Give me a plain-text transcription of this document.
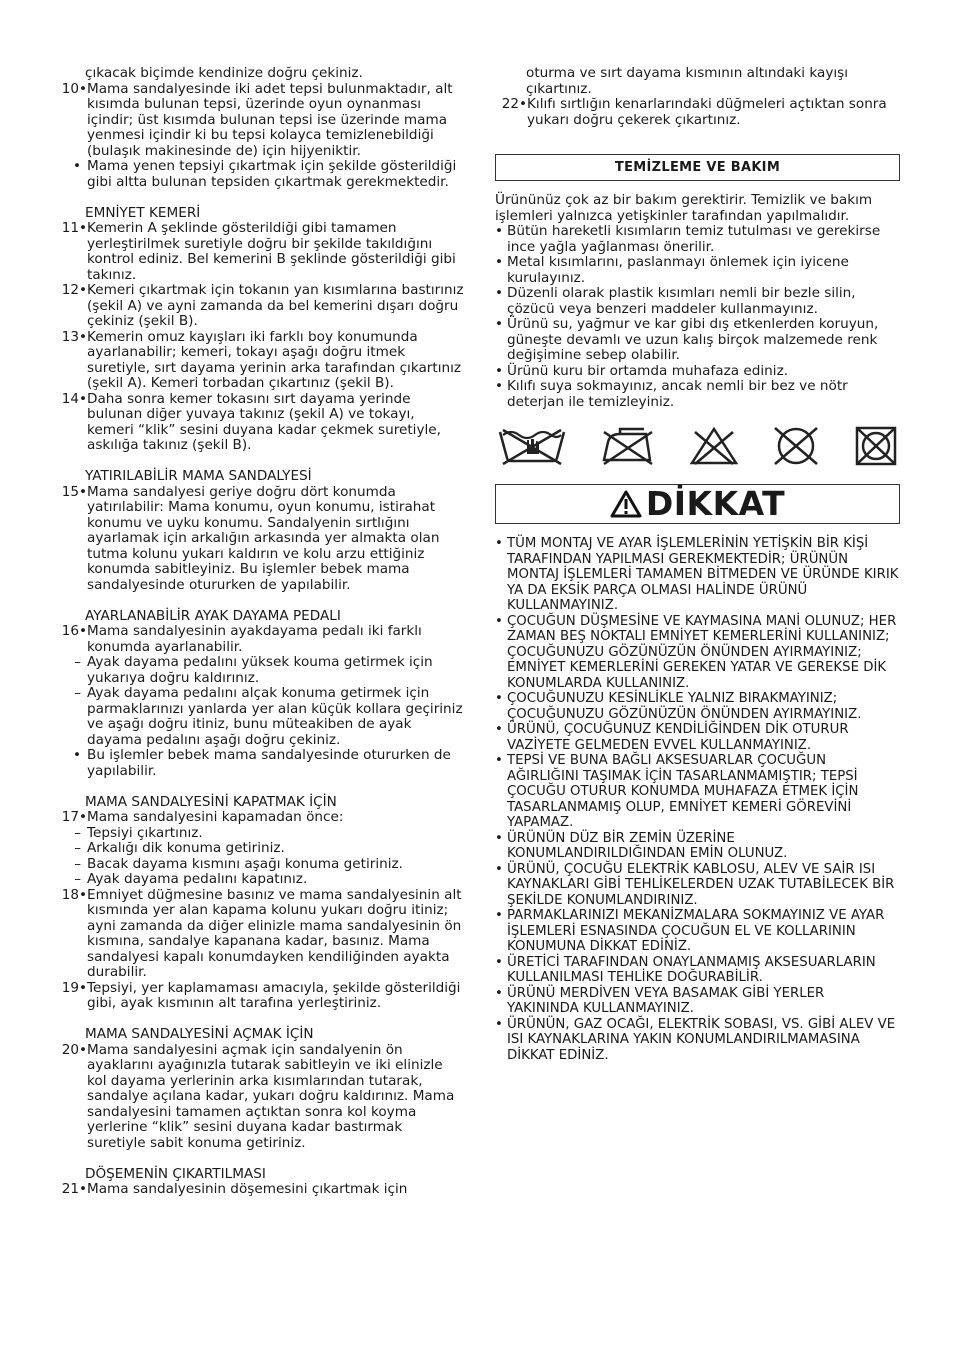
çıkacak biçimde kendinize doğru çekiniz.

10 • Mama sandalyesinde iki adet tepsi bulunmaktadır, alt kısımda bulunan tepsi, üzerinde oyun oynanması içindir; üst kısımda bulunan tepsi ise üzerinde mama yenmesi içindir ki bu tepsi kolayca temizlenebildiği (bulaşık makinesinde de) için hijyeniktir.
• Mama yenen tepsiyi çıkartmak için şekilde gösterildiği gibi altta bulunan tepsiden çıkartmak gerekmektedir.

EMNİYET KEMERİ

11 • Kemerin A şeklinde gösterildiği gibi tamamen yerleştirilmek suretiyle doğru bir şekilde takıldığını kontrol ediniz. Bel kemerini B şeklinde gösterildiği gibi takınız.
12 • Kemeri çıkartmak için tokanın yan kısımlarına bastırınız (şekil A) ve ayni zamanda da bel kemerini dışarı doğru çekiniz (şekil B).
13 • Kemerin omuz kayışları iki farklı boy konumunda ayarlanabilir; kemeri, tokayı aşağı doğru itmek suretiyle, sırt dayama yerinin arka tarafından çıkartınız (şekil A). Kemeri torbadan çıkartınız (şekil B).
14 • Daha sonra kemer tokasını sırt dayama yerinde bulunan diğer yuvaya takınız (şekil A) ve tokayı, kemeri “klik” sesini duyana kadar çekmek suretiyle, askılığa takınız (şekil B).

YATIRILABİLİR MAMA SANDALYESİ

15 • Mama sandalyesi geriye doğru dört konumda yatırılabilir: Mama konumu, oyun konumu, istirahat konumu ve uyku konumu. Sandalyenin sırtlığını ayarlamak için arkalığın arkasında yer almakta olan tutma kolunu yukarı kaldırın ve kolu arzu ettiğiniz konumda sabitleyiniz. Bu işlemler bebek mama sandalyesinde otururken de yapılabilir.

AYARLANABİLİR AYAK DAYAMA PEDALI

16 • Mama sandalyesinin ayakdayama pedalı iki farklı konumda ayarlanabilir.
– Ayak dayama pedalını yüksek kouma getirmek için yukarıya doğru kaldırınız.
– Ayak dayama pedalını alçak konuma getirmek için parmaklarınızı yanlarda yer alan küçük kollara geçiriniz ve aşağı doğru itiniz, bunu müteakiben de ayak dayama pedalını aşağı doğru çekiniz.
• Bu işlemler bebek mama sandalyesinde otururken de yapılabilir.

MAMA SANDALYESİNİ KAPATMAK İÇİN

17 • Mama sandalyesini kapamadan önce:
– Tepsiyi çıkartınız.
– Arkalığı dik konuma getiriniz.
– Bacak dayama kısmını aşağı konuma getiriniz.
– Ayak dayama pedalını kapatınız.
18 • Emniyet düğmesine basınız ve mama sandalyesinin alt kısmında yer alan kapama kolunu yukarı doğru itiniz; ayni zamanda da diğer elinizle mama sandalyesinin ön kısmına, sandalye kapanana kadar, basınız. Mama sandalyesi kapalı konumdayken kendiliğinden ayakta durabilir.
19 • Tepsiyi, yer kaplamaması amacıyla, şekilde gösterildiği gibi, ayak kısmının alt tarafına yerleştiriniz.

MAMA SANDALYESİNİ AÇMAK İÇİN

20 • Mama sandalyesini açmak için sandalyenin ön ayaklarını ayağınızla tutarak sabitleyin ve iki elinizle kol dayama yerlerinin arka kısımlarından tutarak, sandalye açılana kadar, yukarı doğru kaldırınız. Mama sandalyesini tamamen açtıktan sonra kol koyma yerlerine “klik” sesini duyana kadar bastırmak suretiyle sabit konuma getiriniz.

DÖŞEMENİN ÇIKARTILMASI

21 • Mama sandalyesinin döşemesini çıkartmak için

oturma ve sırt dayama kısmının altındaki kayışı çıkartınız.

22 • Kılıfı sırtlığın kenarlarındaki düğmeleri açtıktan sonra yukarı doğru çekerek çıkartınız.
TEMİZLEME VE BAKIM

Ürününüz çok az bir bakım gerektirir. Temizlik ve bakım işlemleri yalnızca yetişkinler tarafından yapılmalıdır.

• Bütün hareketli kısımların temiz tutulması ve gerekirse ince yağla yağlanması önerilir.
• Metal kısımlarını, paslanmayı önlemek için iyicene kurulayınız.
• Düzenli olarak plastik kısımları nemli bir bezle silin, çözücü veya benzeri maddeler kullanmayınız.
• Ürünü su, yağmur ve kar gibi dış etkenlerden koruyun, güneşte devamlı ve uzun kalış birçok malzemede renk değişimine sebep olabilir.
• Ürünü kuru bir ortamda muhafaza ediniz.
• Kılıfı suya sokmayınız, ancak nemli bir bez ve nötr deterjan ile temizleyiniz.
DİKKAT
• TÜM MONTAJ VE AYAR İŞLEMLERİNİN YETİŞKİN BİR KİŞİ TARAFINDAN YAPILMASI GEREKMEKTEDİR; ÜRÜNÜN MONTAJ İŞLEMLERİ TAMAMEN BİTMEDEN VE ÜRÜNDE KIRIK YA DA EKSİK PARÇA OLMASI HALİNDE ÜRÜNÜ KULLANMAYINIZ.
• ÇOCUĞUN DÜŞMESİNE VE KAYMASINA MANİ OLUNUZ; HER ZAMAN BEŞ NOKTALI EMNİYET KEMERLERİNİ KULLANINIZ; ÇOCUĞUNUZU GÖZÜNÜZÜN ÖNÜNDEN AYIRMAYINIZ; EMNİYET KEMERLERİNİ GEREKEN YATAR VE GEREKSE DİK KONUMLARDA KULLANINIZ.
• ÇOCUĞUNUZU KESİNLİKLE YALNIZ BIRAKMAYINIZ; ÇOCUĞUNUZU GÖZÜNÜZÜN ÖNÜNDEN AYIRMAYINIZ.
• ÜRÜNÜ, ÇOCUĞUNUZ KENDİLİĞİNDEN DİK OTURUR VAZİYETE GELMEDEN EVVEL KULLANMAYINIZ.
• TEPSİ VE BUNA BAĞLI AKSESUARLAR ÇOCUĞUN AĞIRLIĞINI TAŞIMAK İÇİN TASARLANMAMIŞTIR; TEPSİ ÇOCUĞU OTURUR KONUMDA MUHAFAZA ETMEK İÇİN TASARLANMAMIŞ OLUP, EMNİYET KEMERİ GÖREVİNİ YAPAMAZ.
• ÜRÜNÜN DÜZ BİR ZEMİN ÜZERİNE KONUMLANDIRILDIĞINDAN EMİN OLUNUZ.
• ÜRÜNÜ, ÇOCUĞU ELEKTRİK KABLOSU, ALEV VE SAİR ISI KAYNAKLARI GİBİ TEHLİKELERDEN UZAK TUTABİLECEK BİR ŞEKİLDE KONUMLANDIRINIZ.
• PARMAKLARINIZI MEKANİZMALARA SOKMAYINIZ VE AYAR İŞLEMLERİ ESNASINDA ÇOCUĞUN EL VE KOLLARININ KONUMUNA DİKKAT EDİNİZ.
• ÜRETİCİ TARAFINDAN ONAYLANMAMIŞ AKSESUARLARIN KULLANILMASI TEHLİKE DOĞURABİLİR.
• ÜRÜNÜ MERDİVEN VEYA BASAMAK GİBİ YERLER YAKININDA KULLANMAYINIZ.
• ÜRÜNÜN, GAZ OCAĞI, ELEKTRİK SOBASI, VS. GİBİ ALEV VE ISI KAYNAKLARINA YAKIN KONUMLANDIRILMAMASINA DİKKAT EDİNİZ.
